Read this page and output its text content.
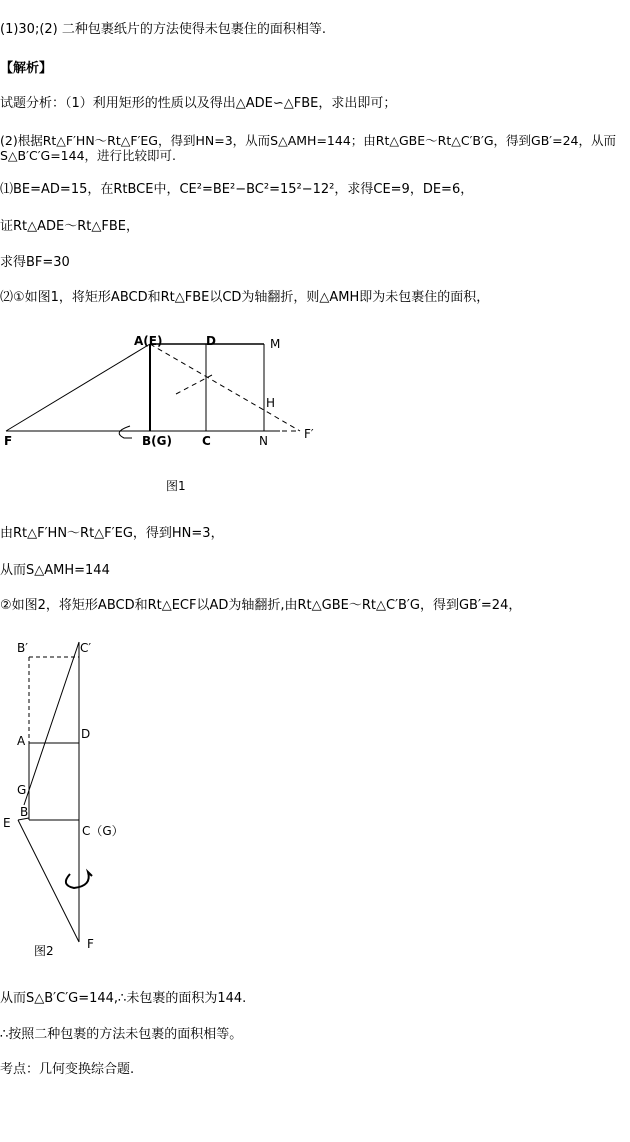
(1)30;(2) 二种包裹纸片的方法使得未包裹住的面积相等.
【解析】
试题分析：（1）利用矩形的性质以及得出△ADE∽△FBE，求出即可；
(2)根据Rt△F′HN～Rt△F′EG，得到HN=3，从而S△AMH=144；由Rt△GBE～Rt△C′B′G，得到GB′=24，从而
S△B′C′G=144，进行比较即可.
⑴BE=AD=15，在RtBCE中，CE²=BE²−BC²=15²−12²，求得CE=9，DE=6，
证Rt△ADE～Rt△FBE，
求得BF=30
⑵①如图1，将矩形ABCD和Rt△FBE以CD为轴翻折，则△AMH即为未包裹住的面积，
A(E)	D
C
B(G)
F
M
H
N	F′
图1
由Rt△F′HN～Rt△F′EG，得到HN=3，
从而S△AMH=144
②如图2，将矩形ABCD和Rt△ECF以AD为轴翻折,由Rt△GBE～Rt△C′B′G，得到GB′=24，
B′	C′
A	D
G
B
E
C（G）
F
图2
从而S△B′C′G=144,∴未包裹的面积为144.
∴按照二种包裹的方法未包裹的面积相等。
考点：几何变换综合题.
